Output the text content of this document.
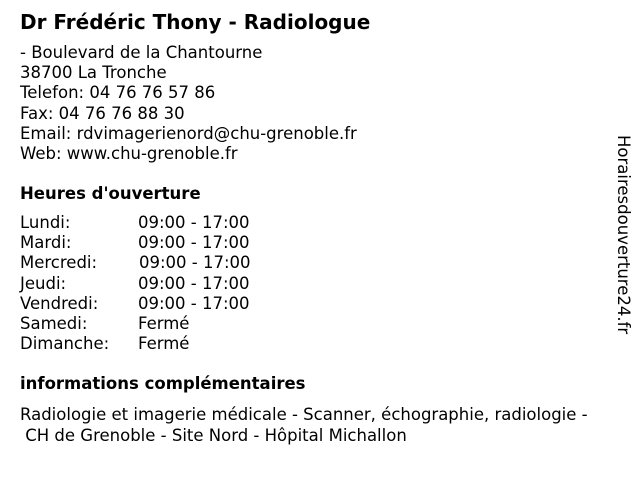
Dr Frédéric Thony - Radiologue
- Boulevard de la Chantourne
38700 La Tronche
Telefon: 04 76 76 57 86
Fax: 04 76 76 88 30
Email: rdvimagerienord@chu-grenoble.fr
Web: www.chu-grenoble.fr
Heures d'ouverture
Lundi:	09:00 - 17:00
Mardi:	09:00 - 17:00
Mercredi:	09:00 - 17:00
Jeudi:	09:00 - 17:00
Vendredi: 09:00 - 17:00
Samedi:	Fermé
Dimanche: Fermé
informations complémentaires
Radiologie et imagerie médicale - Scanner, échographie, radiologie -
CH de Grenoble - Site Nord - Hôpital Michallon
Horairesdouverture24.fr
